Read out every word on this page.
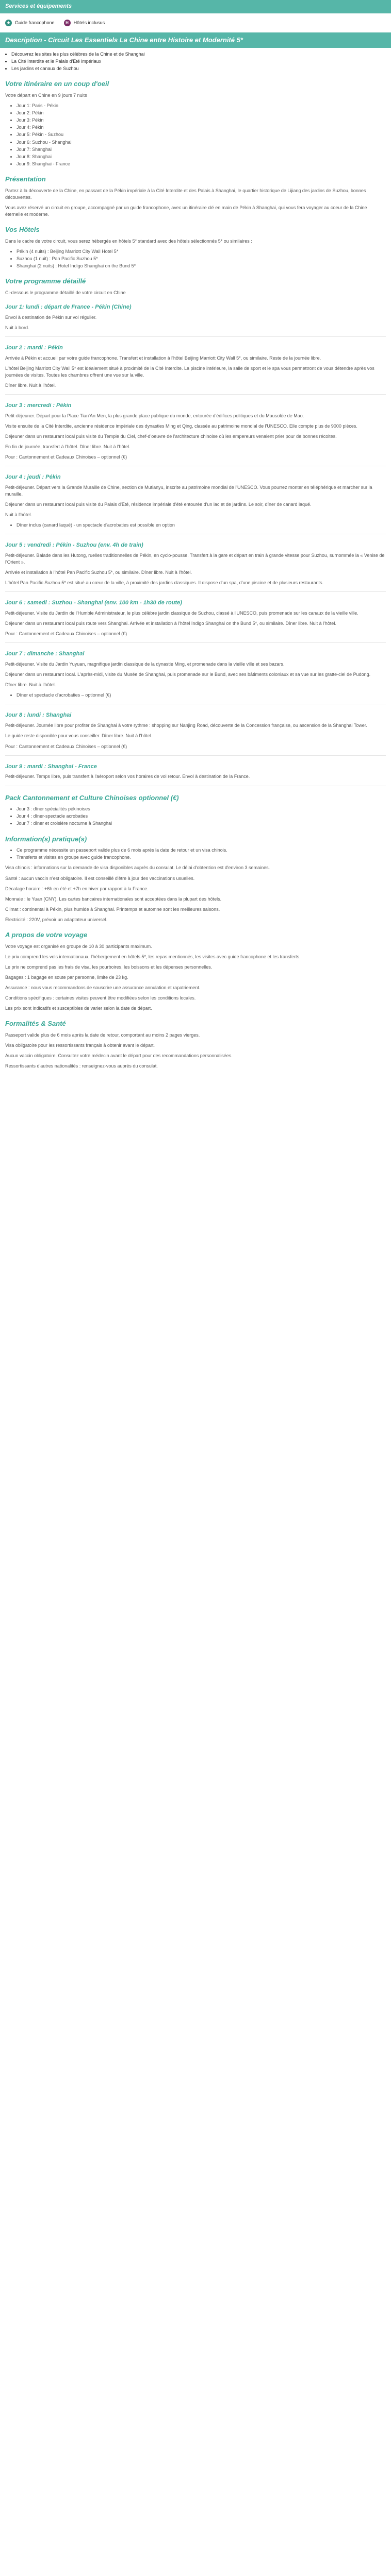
Services et équipements
★ Guide francophone	H	Hôtels inclusus
Description - Circuit Les Essentiels La Chine entre Histoire et Modernité 5*
• Découvrez les sites les plus célèbres de la Chine et de Shanghai
• La Cité Interdite et le Palais d'Été impériaux
• Les jardins et canaux de Suzhou
Votre itinéraire en un coup d'oeil

Votre départ en Chine en 9 jours 7 nuits

• Jour 1: Paris - Pékin
• Jour 2: Pékin
• Jour 3: Pékin
• Jour 4: Pékin
• Jour 5: Pékin - Suzhou
• Jour 6: Suzhou - Shanghai
• Jour 7: Shanghai
• Jour 8: Shanghai
• Jour 9: Shanghai - France
Présentation

Partez à la découverte de la Chine, en passant de la Pékin impériale à la Cité Interdite et des Palais à Shanghai, le quartier historique de Lijiang des jardins de Suzhou, bonnes découvertes.

Vous avez réservé un circuit en groupe, accompagné par un guide francophone, avec un itinéraire clé en main de Pékin à Shanghai, qui vous fera voyager au coeur de la Chine éternelle et moderne.

Vos Hôtels

Dans le cadre de votre circuit, vous serez hébergés en hôtels 5* standard avec des hôtels sélectionnés 5* ou similaires :

• Pékin (4 nuits) : Beijing Marriott City Wall Hotel 5*
• Suzhou (1 nuit) : Pan Pacific Suzhou 5*
• Shanghai (2 nuits) : Hotel Indigo Shanghai on the Bund 5*
Votre programme détaillé

Ci-dessous le programme détaillé de votre circuit en Chine

Jour 1: lundi : départ de France - Pékin (Chine)

Envol à destination de Pékin sur vol régulier.

Nuit à bord.

Jour 2 : mardi : Pékin

Arrivée à Pékin et accueil par votre guide francophone. Transfert et installation à l'hôtel Beijing Marriott City Wall 5*, ou similaire. Reste de la journée libre.

L'hôtel Beijing Marriott City Wall 5* est idéalement situé à proximité de la Cité Interdite. La piscine intérieure, la salle de sport et le spa vous permettront de vous détendre après vos journées de visites. Toutes les chambres offrent une vue sur la ville.

Dîner libre. Nuit à l'hôtel.

Jour 3 : mercredi : Pékin

Petit-déjeuner. Départ pour la Place Tian'An Men, la plus grande place publique du monde, entourée d'édifices politiques et du Mausolée de Mao.

Visite ensuite de la Cité Interdite, ancienne résidence impériale des dynasties Ming et Qing, classée au patrimoine mondial de l'UNESCO. Elle compte plus de 9000 pièces.

Déjeuner dans un restaurant local puis visite du Temple du Ciel, chef-d'oeuvre de l'architecture chinoise où les empereurs venaient prier pour de bonnes récoltes.

En fin de journée, transfert à l'hôtel. Dîner libre. Nuit à l'hôtel.

Pour : Cantonnement et Cadeaux Chinoises – optionnel (€)

Jour 4 : jeudi : Pékin

Petit-déjeuner. Départ vers la Grande Muraille de Chine, section de Mutianyu, inscrite au patrimoine mondial de l'UNESCO. Vous pourrez monter en téléphérique et marcher sur la muraille.

Déjeuner dans un restaurant local puis visite du Palais d'Été, résidence impériale d'été entourée d'un lac et de jardins. Le soir, dîner de canard laqué.

Nuit à l'hôtel.

• Dîner inclus (canard laqué) - un spectacle d'acrobaties est possible en option
Jour 5 : vendredi : Pékin - Suzhou (env. 4h de train)

Petit-déjeuner. Balade dans les Hutong, ruelles traditionnelles de Pékin, en cyclo-pousse. Transfert à la gare et départ en train à grande vitesse pour Suzhou, surnommée la « Venise de l'Orient ».

Arrivée et installation à l'hôtel Pan Pacific Suzhou 5*, ou similaire. Dîner libre. Nuit à l'hôtel.

L'hôtel Pan Pacific Suzhou 5* est situé au cœur de la ville, à proximité des jardins classiques. Il dispose d'un spa, d'une piscine et de plusieurs restaurants.

Jour 6 : samedi : Suzhou - Shanghai (env. 100 km - 1h30 de route)

Petit-déjeuner. Visite du Jardin de l'Humble Administrateur, le plus célèbre jardin classique de Suzhou, classé à l'UNESCO, puis promenade sur les canaux de la vieille ville.

Déjeuner dans un restaurant local puis route vers Shanghai. Arrivée et installation à l'hôtel Indigo Shanghai on the Bund 5*, ou similaire. Dîner libre. Nuit à l'hôtel.

Pour : Cantonnement et Cadeaux Chinoises – optionnel (€)

Jour 7 : dimanche : Shanghai

Petit-déjeuner. Visite du Jardin Yuyuan, magnifique jardin classique de la dynastie Ming, et promenade dans la vieille ville et ses bazars.

Déjeuner dans un restaurant local. L'après-midi, visite du Musée de Shanghai, puis promenade sur le Bund, avec ses bâtiments coloniaux et sa vue sur les gratte-ciel de Pudong.

Dîner libre. Nuit à l'hôtel.

• Dîner et spectacle d'acrobaties – optionnel (€)
Jour 8 : lundi : Shanghai

Petit-déjeuner. Journée libre pour profiter de Shanghai à votre rythme : shopping sur Nanjing Road, découverte de la Concession française, ou ascension de la Shanghai Tower.

Le guide reste disponible pour vous conseiller. Dîner libre. Nuit à l'hôtel.

Pour : Cantonnement et Cadeaux Chinoises – optionnel (€)

Jour 9 : mardi : Shanghai - France

Petit-déjeuner. Temps libre, puis transfert à l'aéroport selon vos horaires de vol retour. Envol à destination de la France.

Pack Cantonnement et Culture Chinoises optionnel (€)
• Jour 3 : dîner spécialités pékinoises
• Jour 4 : dîner-spectacle acrobaties
• Jour 7 : dîner et croisière nocturne à Shanghai
Information(s) pratique(s)
• Ce programme nécessite un passeport valide plus de 6 mois après la date de retour et un visa chinois.
• Transferts et visites en groupe avec guide francophone.

Visa chinois : informations sur la demande de visa disponibles auprès du consulat. Le délai d'obtention est d'environ 3 semaines.

Santé : aucun vaccin n'est obligatoire. Il est conseillé d'être à jour des vaccinations usuelles.

Décalage horaire : +6h en été et +7h en hiver par rapport à la France.

Monnaie : le Yuan (CNY). Les cartes bancaires internationales sont acceptées dans la plupart des hôtels.

Climat : continental à Pékin, plus humide à Shanghai. Printemps et automne sont les meilleures saisons.

Électricité : 220V, prévoir un adaptateur universel.

A propos de votre voyage

Votre voyage est organisé en groupe de 10 à 30 participants maximum.

Le prix comprend les vols internationaux, l'hébergement en hôtels 5*, les repas mentionnés, les visites avec guide francophone et les transferts.

Le prix ne comprend pas les frais de visa, les pourboires, les boissons et les dépenses personnelles.

Bagages : 1 bagage en soute par personne, limite de 23 kg.

Assurance : nous vous recommandons de souscrire une assurance annulation et rapatriement.

Conditions spécifiques : certaines visites peuvent être modifiées selon les conditions locales.

Les prix sont indicatifs et susceptibles de varier selon la date de départ.

Formalités & Santé

Passeport valide plus de 6 mois après la date de retour, comportant au moins 2 pages vierges.

Visa obligatoire pour les ressortissants français à obtenir avant le départ.

Aucun vaccin obligatoire. Consultez votre médecin avant le départ pour des recommandations personnalisées.

Ressortissants d'autres nationalités : renseignez-vous auprès du consulat.
